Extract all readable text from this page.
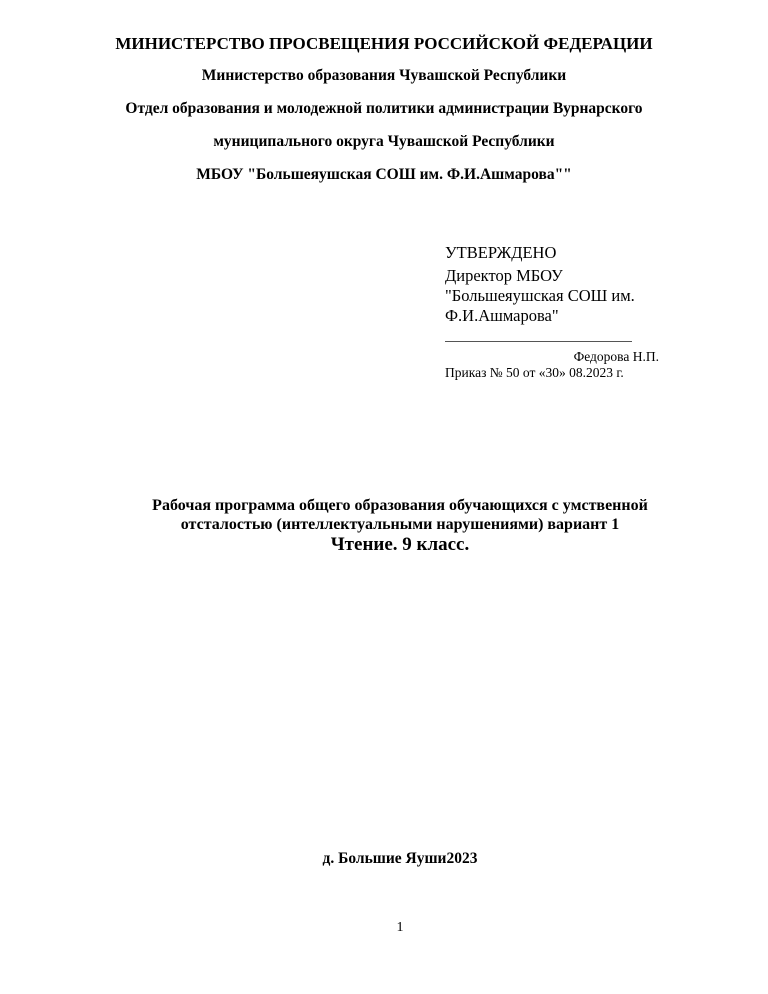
МИНИСТЕРСТВО ПРОСВЕЩЕНИЯ РОССИЙСКОЙ ФЕДЕРАЦИИ
Министерство образования Чувашской Республики
Отдел образования и молодежной политики администрации Вурнарского
муниципального округа Чувашской Республики
МБОУ "Большеяушская СОШ им. Ф.И.Ашмарова""
УТВЕРЖДЕНО
Директор МБОУ
"Большеяушская СОШ им.
Ф.И.Ашмарова"
Федорова Н.П.
Приказ № 50 от «30» 08.2023 г.
Рабочая программа общего образования обучающихся с умственной
отсталостью (интеллектуальными нарушениями) вариант 1
Чтение. 9 класс.
д. Большие Яуши2023
1
